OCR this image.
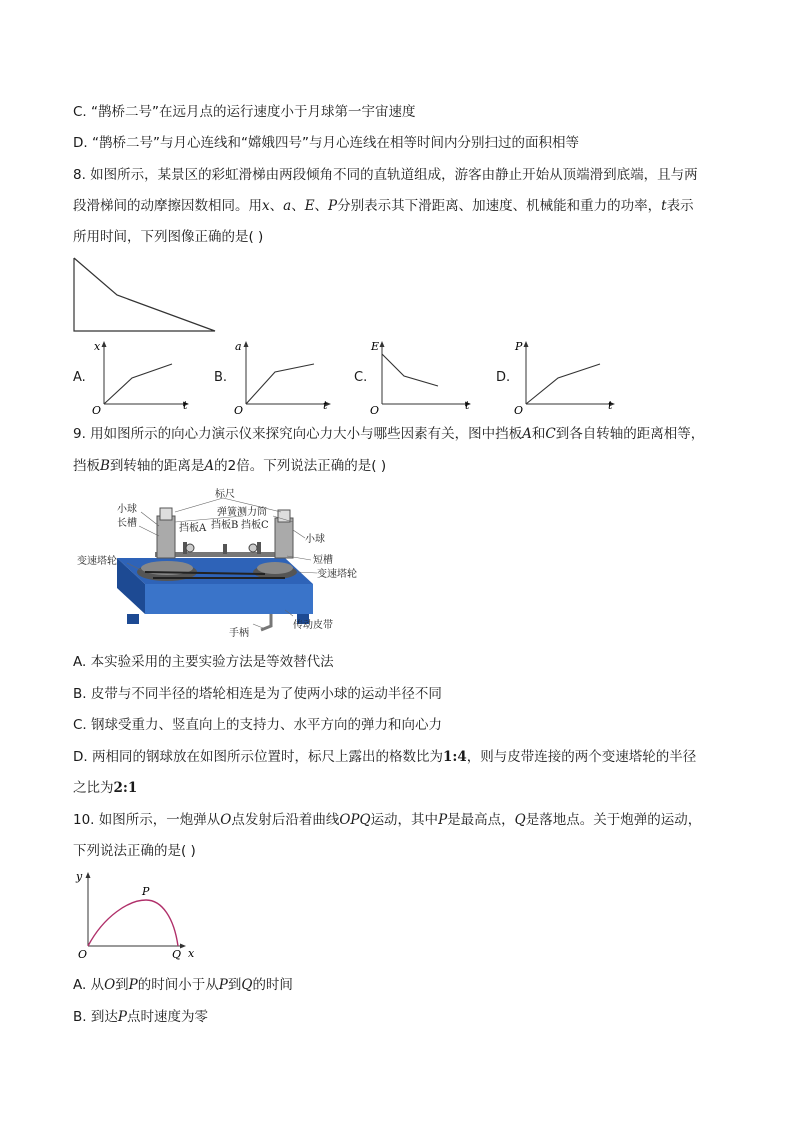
C. “鹊桥二号”在远月点的运行速度小于月球第一宇宙速度
D. “鹊桥二号”与月心连线和“嫦娥四号”与月心连线在相等时间内分别扫过的面积相等
8. 如图所示，某景区的彩虹滑梯由两段倾角不同的直轨道组成，游客由静止开始从顶端滑到底端，且与两
段滑梯间的动摩擦因数相同。用x、a、E、P分别表示其下滑距离、加速度、机械能和重力的功率，t表示
所用时间，下列图像正确的是( )
A.
x
t
O
B.
a
t
O
C.
E
t
O
D.
P
t
O
9. 用如图所示的向心力演示仪来探究向心力大小与哪些因素有关，图中挡板A和C到各自转轴的距离相等，
挡板B到转轴的距离是A的2倍。下列说法正确的是( )
标尺
弹簧测力筒
挡板A 挡板B 挡板C
小球
小球
长槽
短槽
变速塔轮
变速塔轮
手柄
传动皮带
A. 本实验采用的主要实验方法是等效替代法
B. 皮带与不同半径的塔轮相连是为了使两小球的运动半径不同
C. 钢球受重力、竖直向上的支持力、水平方向的弹力和向心力
D. 两相同的钢球放在如图所示位置时，标尺上露出的格数比为1:4，则与皮带连接的两个变速塔轮的半径
之比为2:1
10. 如图所示，一炮弹从O点发射后沿着曲线OPQ运动，其中P是最高点，Q是落地点。关于炮弹的运动，
下列说法正确的是( )
y
x
O
P
Q
A. 从O到P的时间小于从P到Q的时间
B. 到达P点时速度为零
